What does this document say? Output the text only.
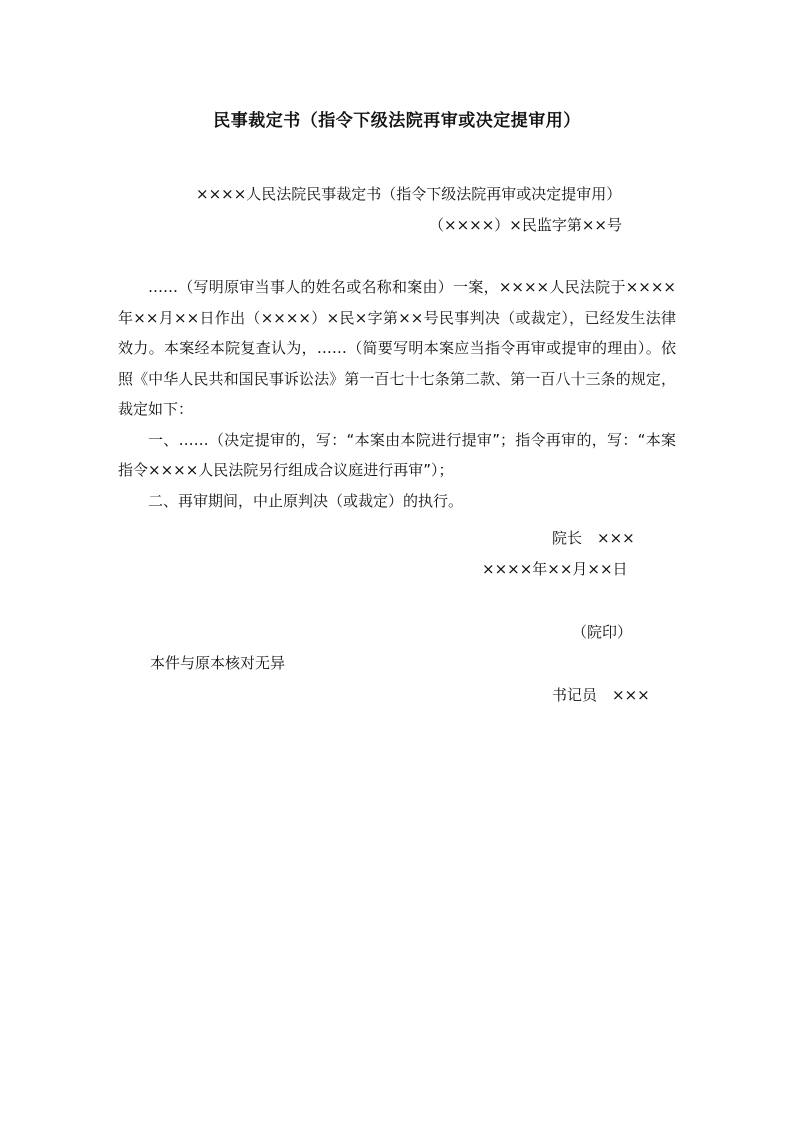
民事裁定书（指令下级法院再审或决定提审用）
××××人民法院民事裁定书（指令下级法院再审或决定提审用）
（××××）×民监字第××号

……（写明原审当事人的姓名或名称和案由）一案，××××人民法院于××××年××月××日作出（××××）×民×字第××号民事判决（或裁定），已经发生法律效力。本案经本院复查认为，……（简要写明本案应当指令再审或提审的理由）。依照《中华人民共和国民事诉讼法》第一百七十七条第二款、第一百八十三条的规定，裁定如下：

一、……（决定提审的，写：“本案由本院进行提审”；指令再审的，写：“本案指令××××人民法院另行组成合议庭进行再审”）；

二、再审期间，中止原判决（或裁定）的执行。

院长　×××
××××年××月××日
（院印）
本件与原本核对无异
书记员　×××
